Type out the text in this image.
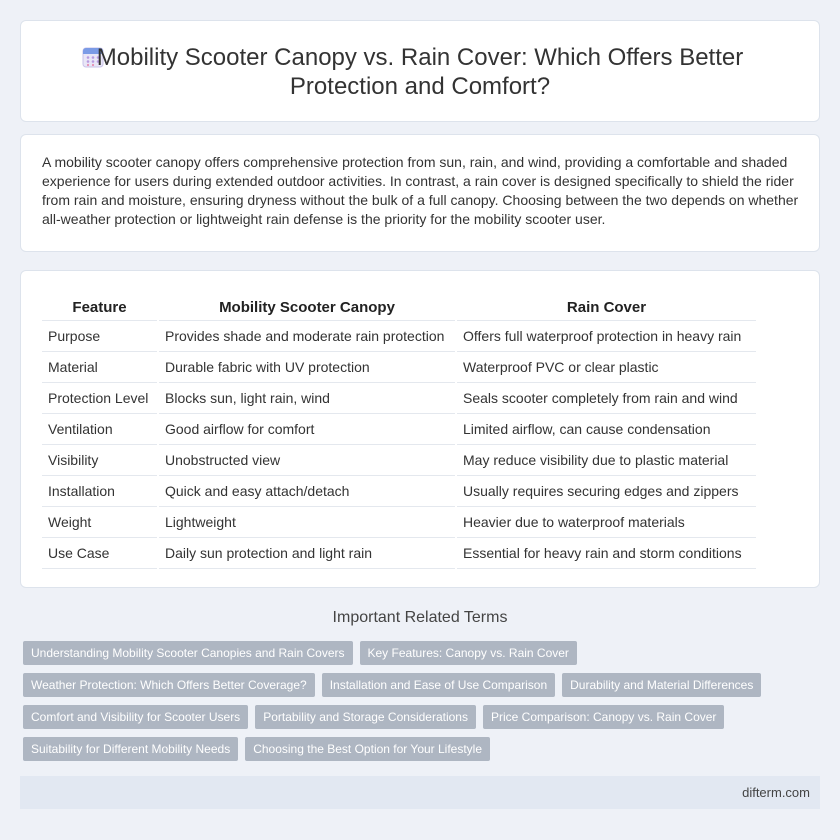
Mobility Scooter Canopy vs. Rain Cover: Which Offers Better Protection and Comfort?

A mobility scooter canopy offers comprehensive protection from sun, rain, and wind, providing a comfortable and shaded experience for users during extended outdoor activities. In contrast, a rain cover is designed specifically to shield the rider from rain and moisture, ensuring dryness without the bulk of a full canopy. Choosing between the two depends on whether all-weather protection or lightweight rain defense is the priority for the mobility scooter user.

Feature	Mobility Scooter Canopy	Rain Cover
Purpose	Provides shade and moderate rain protection	Offers full waterproof protection in heavy rain
Material	Durable fabric with UV protection	Waterproof PVC or clear plastic
Protection Level	Blocks sun, light rain, wind	Seals scooter completely from rain and wind
Ventilation	Good airflow for comfort	Limited airflow, can cause condensation
Visibility	Unobstructed view	May reduce visibility due to plastic material
Installation	Quick and easy attach/detach	Usually requires securing edges and zippers
Weight	Lightweight	Heavier due to waterproof materials
Use Case	Daily sun protection and light rain	Essential for heavy rain and storm conditions
Important Related Terms
Understanding Mobility Scooter Canopies and Rain Covers	Key Features: Canopy vs. Rain Cover
Weather Protection: Which Offers Better Coverage?	Installation and Ease of Use Comparison	Durability and Material Differences
Comfort and Visibility for Scooter Users	Portability and Storage Considerations	Price Comparison: Canopy vs. Rain Cover
Suitability for Different Mobility Needs	Choosing the Best Option for Your Lifestyle
difterm.com
